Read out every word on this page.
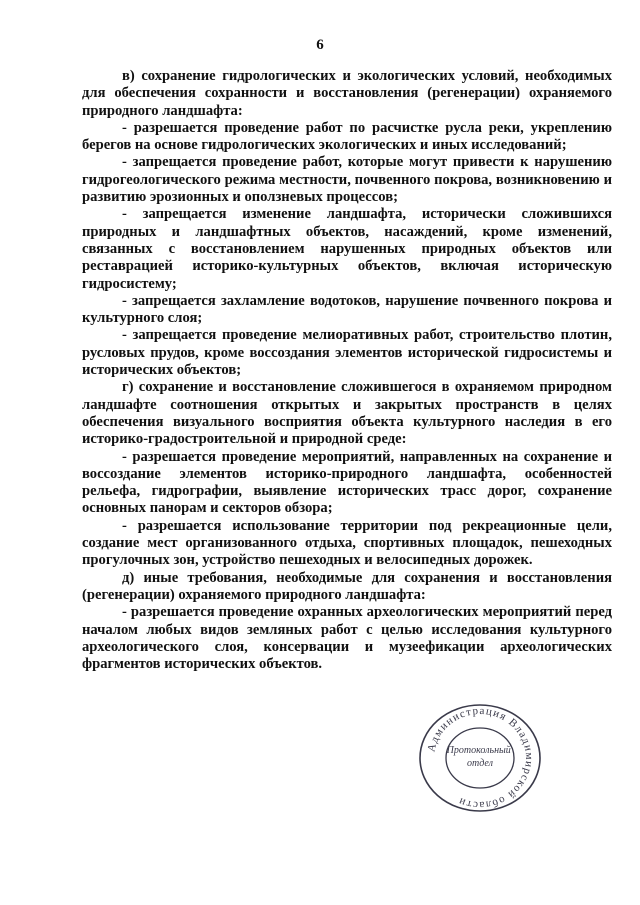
6

в) сохранение гидрологических и экологических условий, необходимых для обеспечения сохранности и восстановления (регенерации) охраняемого природного ландшафта:

- разрешается проведение работ по расчистке русла реки, укреплению берегов на основе гидрологических экологических и иных исследований;

- запрещается проведение работ, которые могут привести к нарушению гидрогеологического режима местности, почвенного покрова, возникновению и развитию эрозионных и оползневых процессов;

- запрещается изменение ландшафта, исторически сложившихся природных и ландшафтных объектов, насаждений, кроме изменений, связанных с восстановлением нарушенных природных объектов или реставрацией историко-культурных объектов, включая историческую гидросистему;

- запрещается захламление водотоков, нарушение почвенного покрова и культурного слоя;

- запрещается проведение мелиоративных работ, строительство плотин, русловых прудов, кроме воссоздания элементов исторической гидросистемы и исторических объектов;

г) сохранение и восстановление сложившегося в охраняемом природном ландшафте соотношения открытых и закрытых пространств в целях обеспечения визуального восприятия объекта культурного наследия в его историко-градостроительной и природной среде:

- разрешается проведение мероприятий, направленных на сохранение и воссоздание элементов историко-природного ландшафта, особенностей рельефа, гидрографии, выявление исторических трасс дорог, сохранение основных панорам и секторов обзора;

- разрешается использование территории под рекреационные цели, создание мест организованного отдыха, спортивных площадок, пешеходных прогулочных зон, устройство пешеходных и велосипедных дорожек.

д) иные требования, необходимые для сохранения и восстановления (регенерации) охраняемого природного ландшафта:

- разрешается проведение охранных археологических мероприятий перед началом любых видов земляных работ с целью исследования культурного археологического слоя, консервации и музеефикации археологических фрагментов исторических объектов.

Администрация Владимирской области
Протокольный отдел
